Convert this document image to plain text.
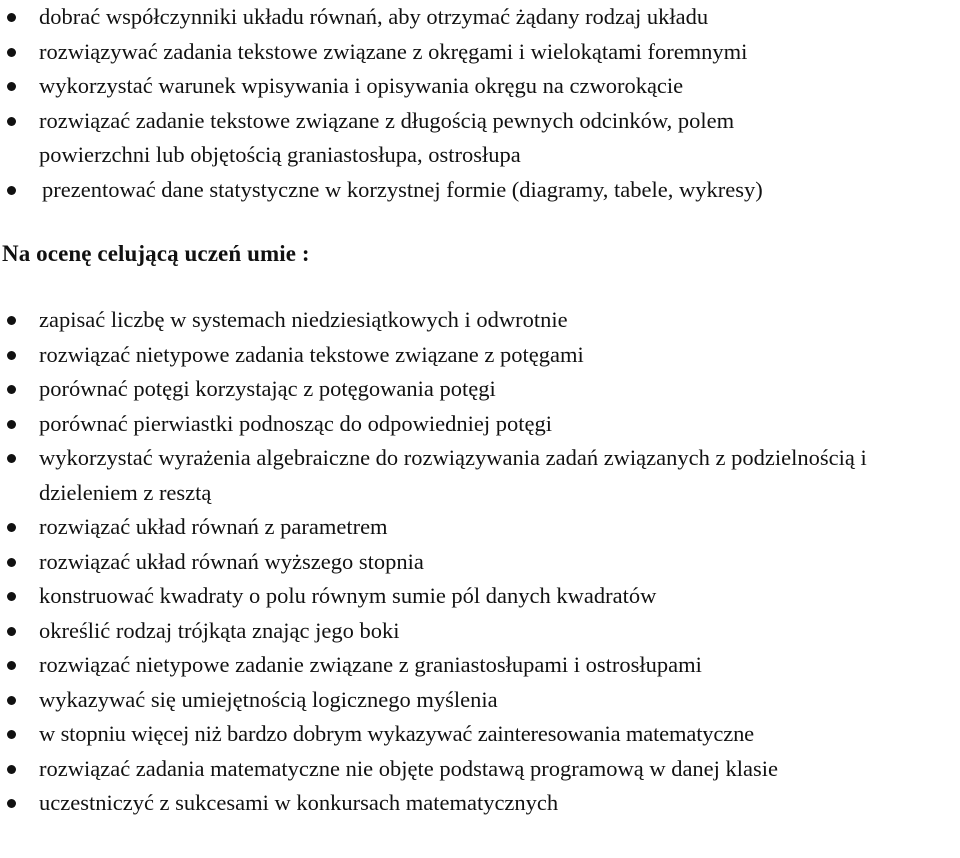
dobrać współczynniki układu równań, aby otrzymać żądany rodzaj układu
rozwiązywać zadania tekstowe związane z okręgami i wielokątami foremnymi
wykorzystać warunek wpisywania i opisywania okręgu na czworokącie
rozwiązać zadanie tekstowe związane z długością pewnych odcinków, polem powierzchni lub objętością graniastosłupa, ostrosłupa
prezentować dane statystyczne w korzystnej formie (diagramy, tabele, wykresy)
Na ocenę celującą uczeń umie :
zapisać liczbę w systemach niedziesiątkowych i odwrotnie
rozwiązać nietypowe zadania tekstowe związane z potęgami
porównać potęgi korzystając z potęgowania potęgi
porównać pierwiastki podnosząc do odpowiedniej potęgi
wykorzystać wyrażenia algebraiczne do rozwiązywania zadań związanych z podzielnością i dzieleniem z resztą
rozwiązać układ równań z parametrem
rozwiązać układ równań wyższego stopnia
konstruować kwadraty o polu równym sumie pól danych kwadratów
określić rodzaj trójkąta znając jego boki
rozwiązać nietypowe zadanie związane z graniastosłupami i ostrosłupami
wykazywać się umiejętnością logicznego myślenia
w stopniu więcej niż bardzo dobrym wykazywać zainteresowania matematyczne
rozwiązać zadania matematyczne nie objęte podstawą programową w danej klasie
uczestniczyć z sukcesami w konkursach matematycznych
